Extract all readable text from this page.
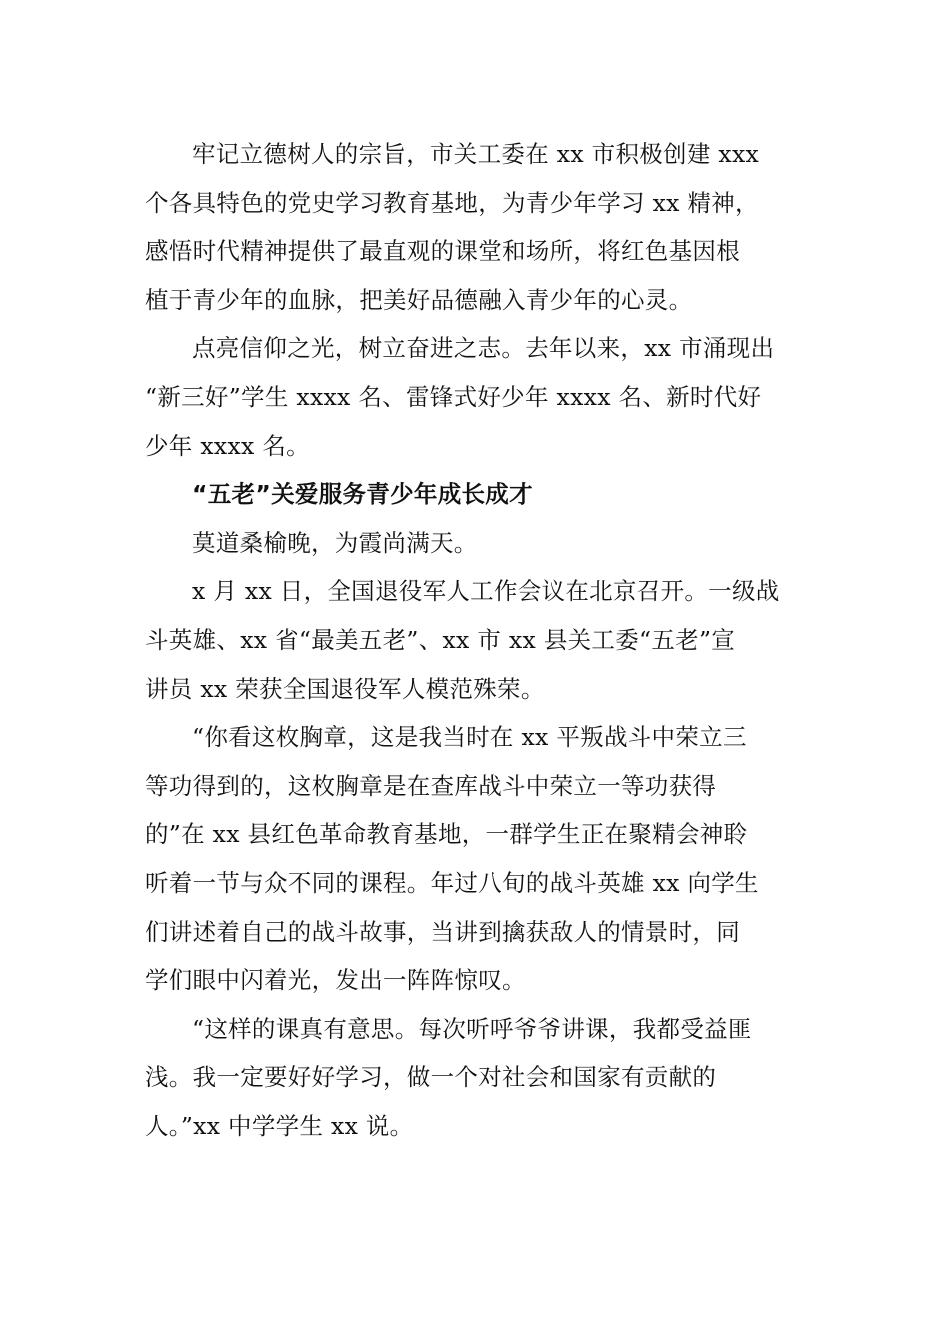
牢记立德树人的宗旨，市关工委在 xx 市积极创建 xxx
个各具特色的党史学习教育基地，为青少年学习 xx 精神，
感悟时代精神提供了最直观的课堂和场所，将红色基因根
植于青少年的血脉，把美好品德融入青少年的心灵。

点亮信仰之光，树立奋进之志。去年以来，xx 市涌现出
“新三好”学生 xxxx 名、雷锋式好少年 xxxx 名、新时代好
少年 xxxx 名。

“五老”关爱服务青少年成长成才

莫道桑榆晚，为霞尚满天。

x 月 xx 日，全国退役军人工作会议在北京召开。一级战
斗英雄、xx 省“最美五老”、xx 市 xx 县关工委“五老”宣
讲员 xx 荣获全国退役军人模范殊荣。

“你看这枚胸章，这是我当时在 xx 平叛战斗中荣立三
等功得到的，这枚胸章是在查库战斗中荣立一等功获得
的”在 xx 县红色革命教育基地，一群学生正在聚精会神聆
听着一节与众不同的课程。年过八旬的战斗英雄 xx 向学生
们讲述着自己的战斗故事，当讲到擒获敌人的情景时，同
学们眼中闪着光，发出一阵阵惊叹。

“这样的课真有意思。每次听呼爷爷讲课，我都受益匪
浅。我一定要好好学习，做一个对社会和国家有贡献的
人。”xx 中学学生 xx 说。
